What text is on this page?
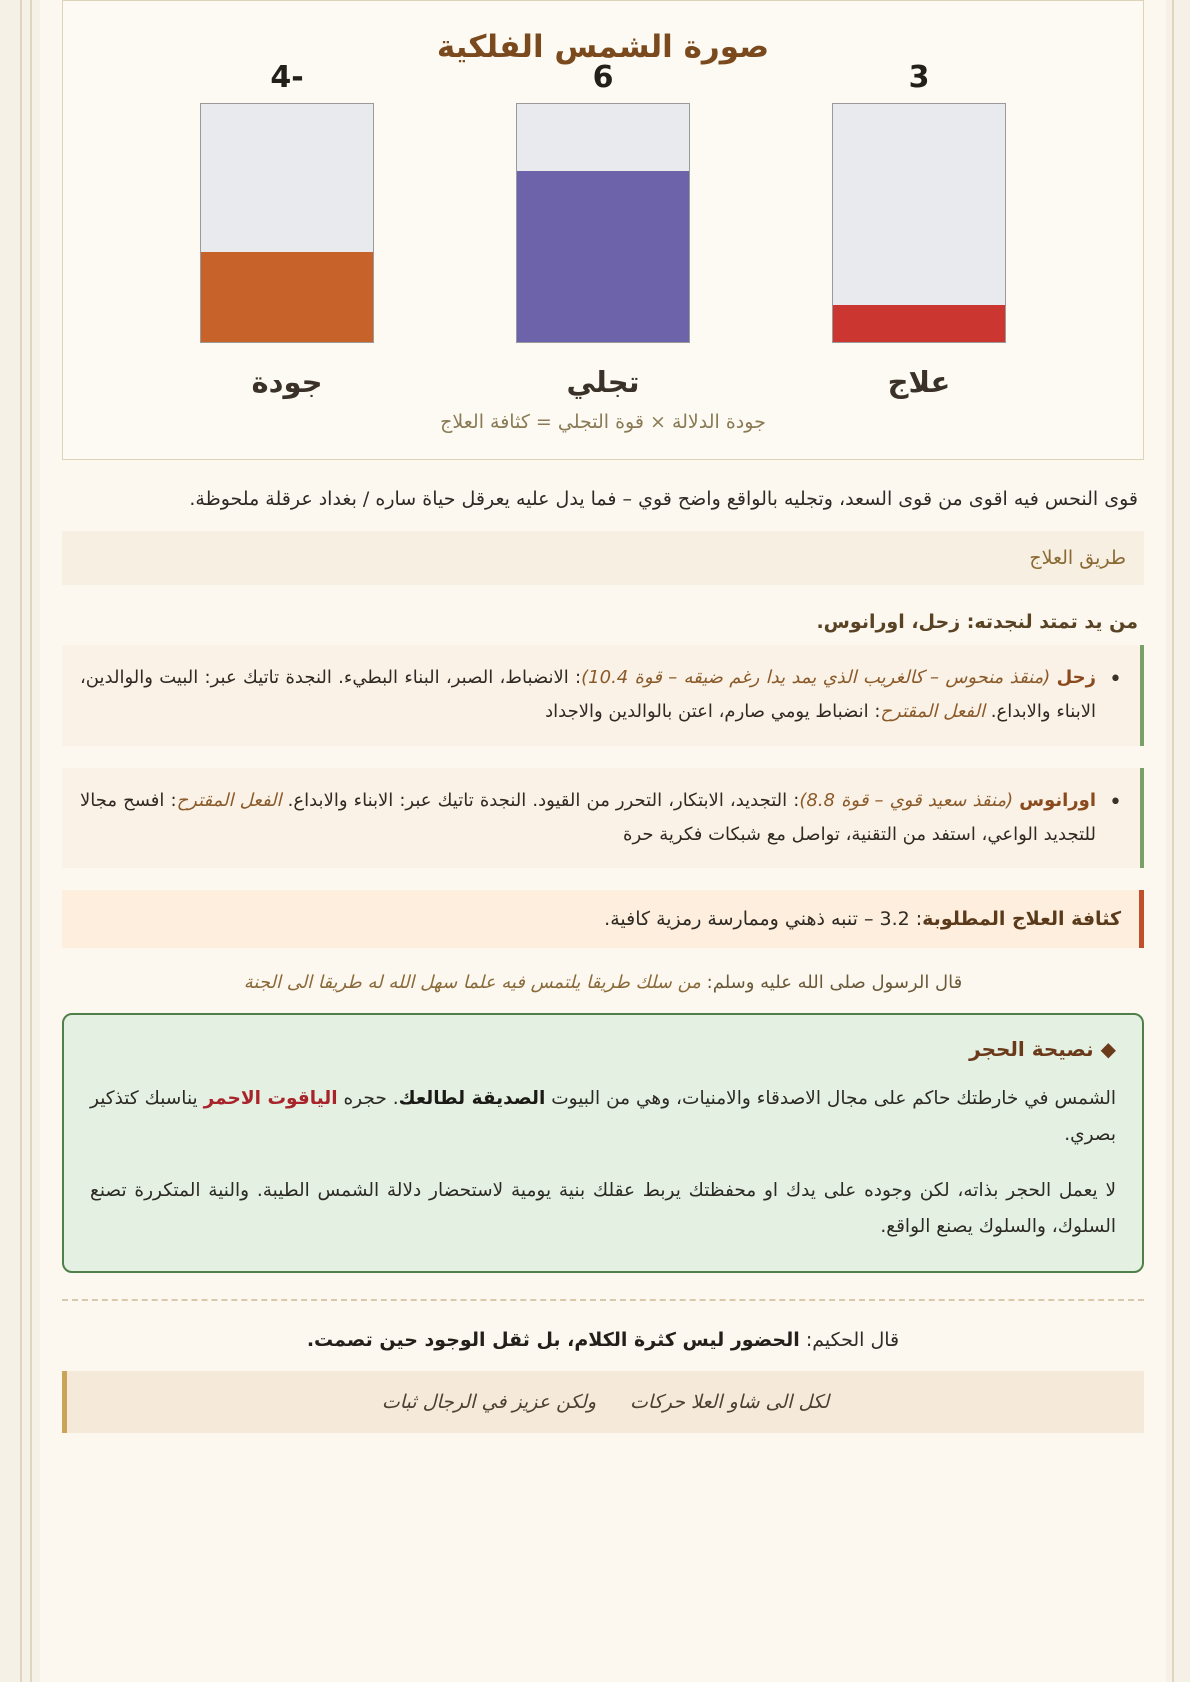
صورة الشمس الفلكية
4-
جودة
6
تجلي
3
علاج
جودة الدلالة × قوة التجلي = كثافة العلاج
قوى النحس فيه اقوى من قوى السعد، وتجليه بالواقع واضح قوي – فما يدل عليه يعرقل حياة ساره / بغداد عرقلة ملحوظة.
طريق العلاج
من يد تمتد لنجدته: زحل، اورانوس.
• زحل (منقذ منحوس – كالغريب الذي يمد يدا رغم ضيقه – قوة 10.4): الانضباط، الصبر، البناء البطيء. النجدة تاتيك عبر: البيت والوالدين، الابناء والابداع. الفعل المقترح: انضباط يومي صارم، اعتن بالوالدين والاجداد
• اورانوس (منقذ سعيد قوي – قوة 8.8): التجديد، الابتكار، التحرر من القيود. النجدة تاتيك عبر: الابناء والابداع. الفعل المقترح: افسح مجالا للتجديد الواعي، استفد من التقنية، تواصل مع شبكات فكرية حرة
كثافة العلاج المطلوبة: 3.2 – تنبه ذهني وممارسة رمزية كافية.
قال الرسول صلى الله عليه وسلم: من سلك طريقا يلتمس فيه علما سهل الله له طريقا الى الجنة
◆ نصيحة الحجر

الشمس في خارطتك حاكم على مجال الاصدقاء والامنيات، وهي من البيوت الصديقة لطالعك. حجره الياقوت الاحمر يناسبك كتذكير بصري.

لا يعمل الحجر بذاته، لكن وجوده على يدك او محفظتك يربط عقلك بنية يومية لاستحضار دلالة الشمس الطيبة. والنية المتكررة تصنع السلوك، والسلوك يصنع الواقع.

قال الحكيم: الحضور ليس كثرة الكلام، بل ثقل الوجود حين تصمت.
لكل الى شاو العلا حركاتولكن عزيز في الرجال ثبات
